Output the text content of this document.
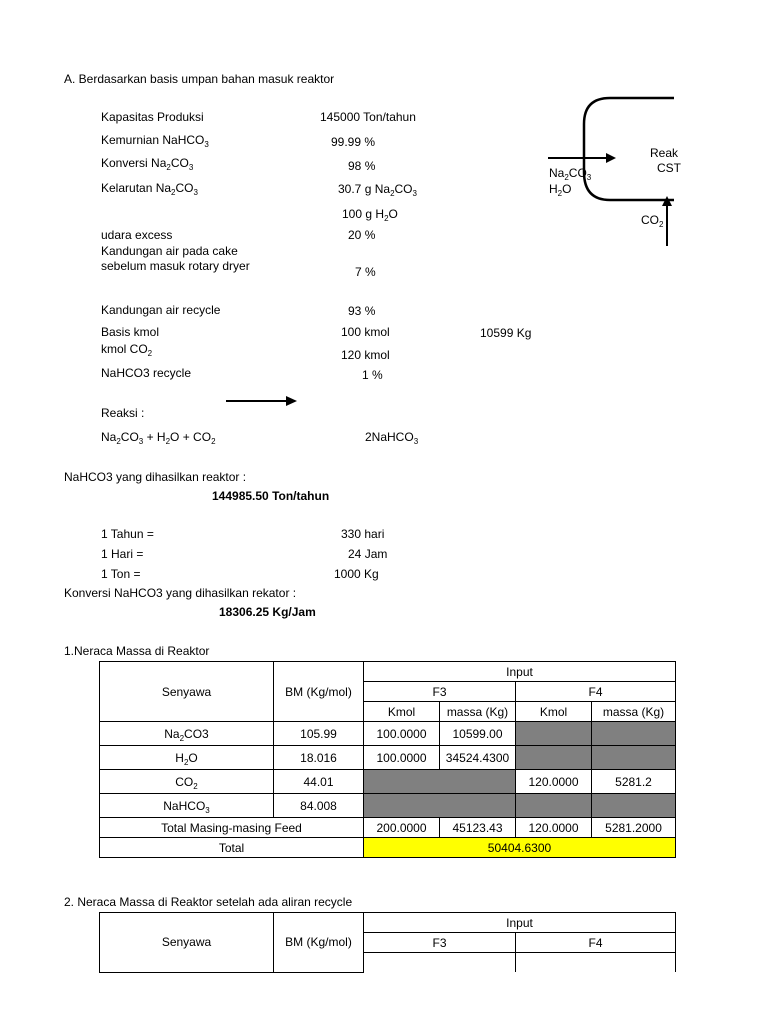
A. Berdasarkan basis umpan bahan masuk reaktor
Kapasitas Produksi	145000 Ton/tahun
Kemurnian NaHCO$_3$	99.99 %
Konversi $Na_2CO_3$	98 %
Kelarutan $Na_2CO_3$	30.7 g $Na_2CO_3$
100 g $H_2O$
udara excess	20 %
Kandungan air pada cake
sebelum masuk rotary dryer	7 %
Kandungan air recycle	93 %
Basis kmol	100 kmol	10599 Kg
kmol $CO_2$	120 kmol
NaHCO3 recycle	1 %
Reaksi :
$Na_2CO_3 + H_2O + CO_2$	2NaHCO$_3$
NaHCO3 yang dihasilkan reaktor :
144985.50 Ton/tahun
1 Tahun =	330 hari
1 Hari =	24 Jam
1 Ton =	1000 Kg
Konversi NaHCO3 yang dihasilkan rekator :
18306.25 Kg/Jam
Reak
CST
$Na_2CO_3$
$H_2O$
$CO_2$
1.Neraca Massa di Reaktor
Senyawa	BM (Kg/mol)	Input			
		F3		F4	
		Kmol	massa (Kg)	Kmol	massa (Kg)
$Na_2CO3$	105.99	100.0000	10599.00		
$H_2O$	18.016	100.0000	34524.4300		
$CO_2$	44.01			120.0000	5281.2
NaHCO$_3$	84.008				
Total Masing-masing Feed		200.0000	45123.43	120.0000	5281.2000
Total		50404.6300			
2. Neraca Massa di Reaktor setelah ada aliran recycle
Senyawa	BM (Kg/mol)	Input	
		F3	F4
